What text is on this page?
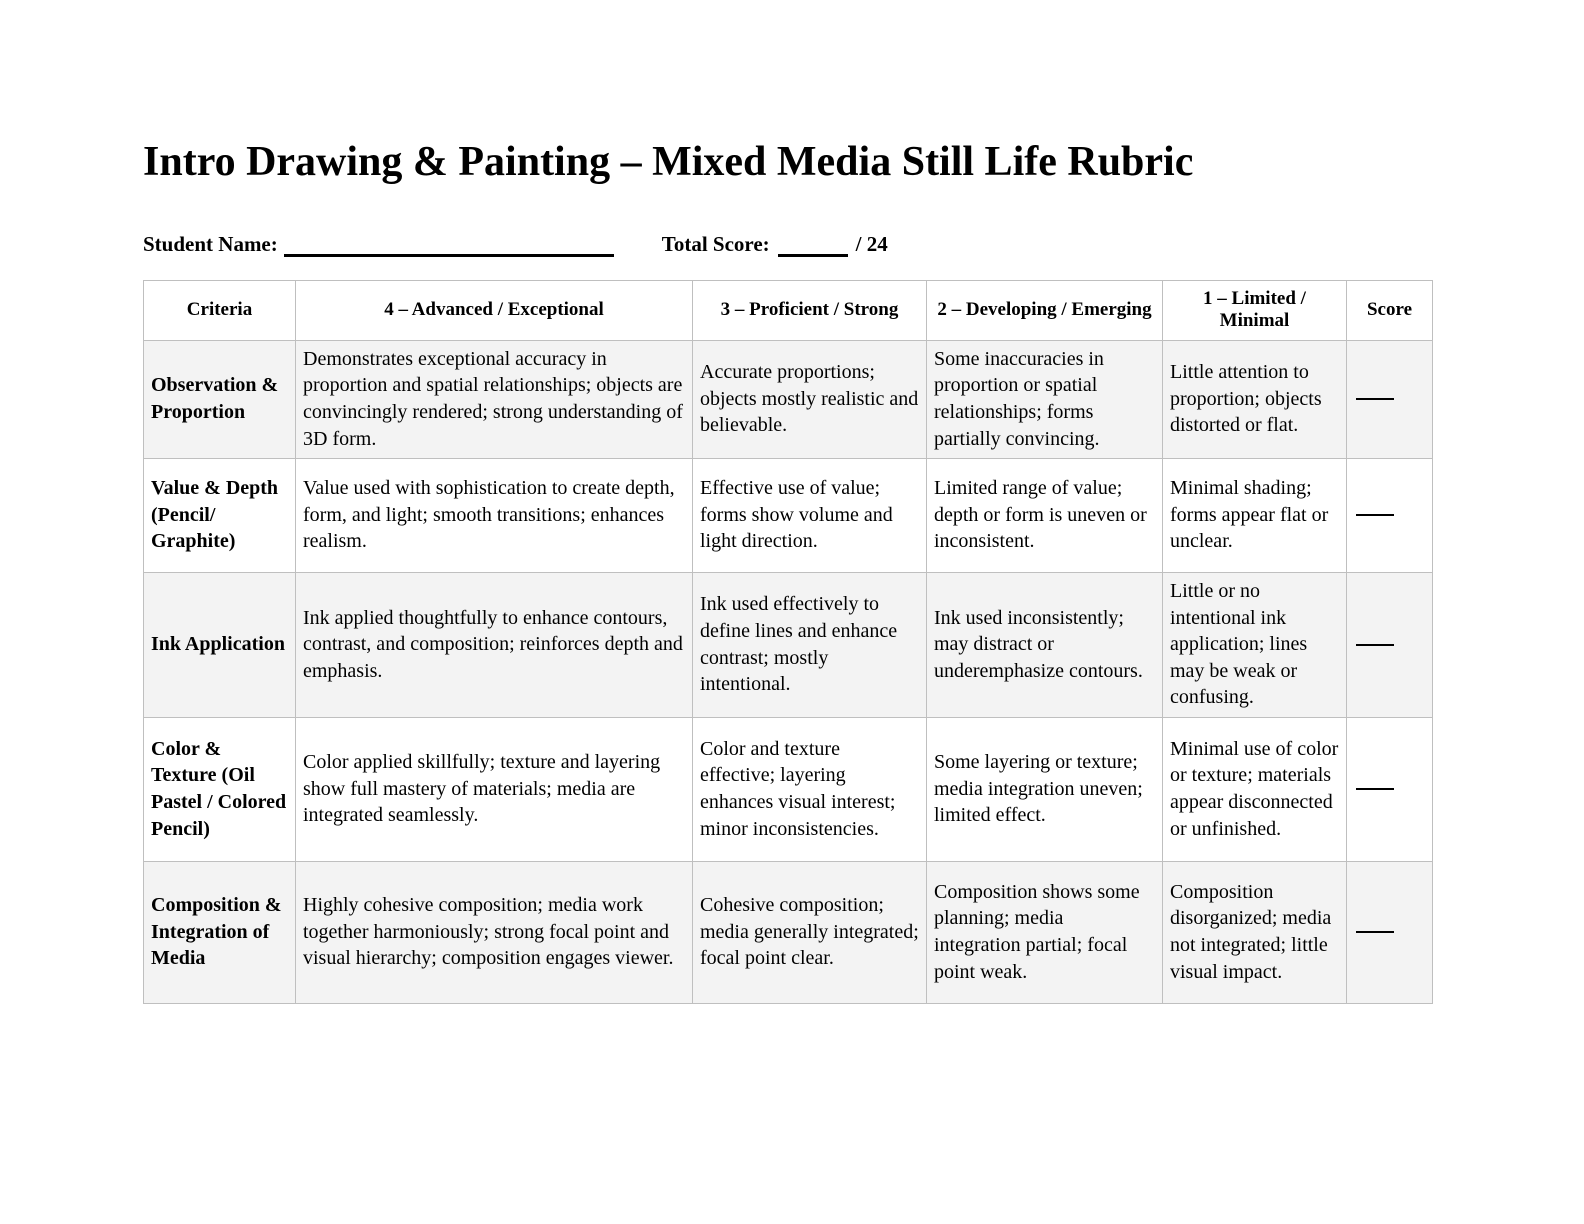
Intro Drawing & Painting – Mixed Media Still Life Rubric
Student Name:	Total Score:	/ 24
Criteria	4 – Advanced / Exceptional	3 – Proficient / Strong	2 – Developing / Emerging	1 – Limited / Minimal	Score
Observation & Proportion	Demonstrates exceptional accuracy in proportion and spatial relationships; objects are convincingly rendered; strong understanding of 3D form.	Accurate proportions; objects mostly realistic and believable.	Some inaccuracies in proportion or spatial relationships; forms partially convincing.	Little attention to proportion; objects distorted or flat.	

Value & Depth (Pencil/ Graphite)	Value used with sophistication to create depth, form, and light; smooth transitions; enhances realism.	Effective use of value; forms show volume and light direction.	Limited range of value; depth or form is uneven or inconsistent.	Minimal shading; forms appear flat or unclear.	

Ink Application	Ink applied thoughtfully to enhance contours, contrast, and composition; reinforces depth and emphasis.	Ink used effectively to define lines and enhance contrast; mostly intentional.	Ink used inconsistently; may distract or underemphasize contours.	Little or no intentional ink application; lines may be weak or confusing.	

Color & Texture (Oil Pastel / Colored Pencil)	Color applied skillfully; texture and layering show full mastery of materials; media are integrated seamlessly.	Color and texture effective; layering enhances visual interest; minor inconsistencies.	Some layering or texture; media integration uneven; limited effect.	Minimal use of color or texture; materials appear disconnected or unfinished.	

Composition & Integration of Media	Highly cohesive composition; media work together harmoniously; strong focal point and visual hierarchy; composition engages viewer.	Cohesive composition; media generally integrated; focal point clear.	Composition shows some planning; media integration partial; focal point weak.	Composition disorganized; media not integrated; little visual impact.	
